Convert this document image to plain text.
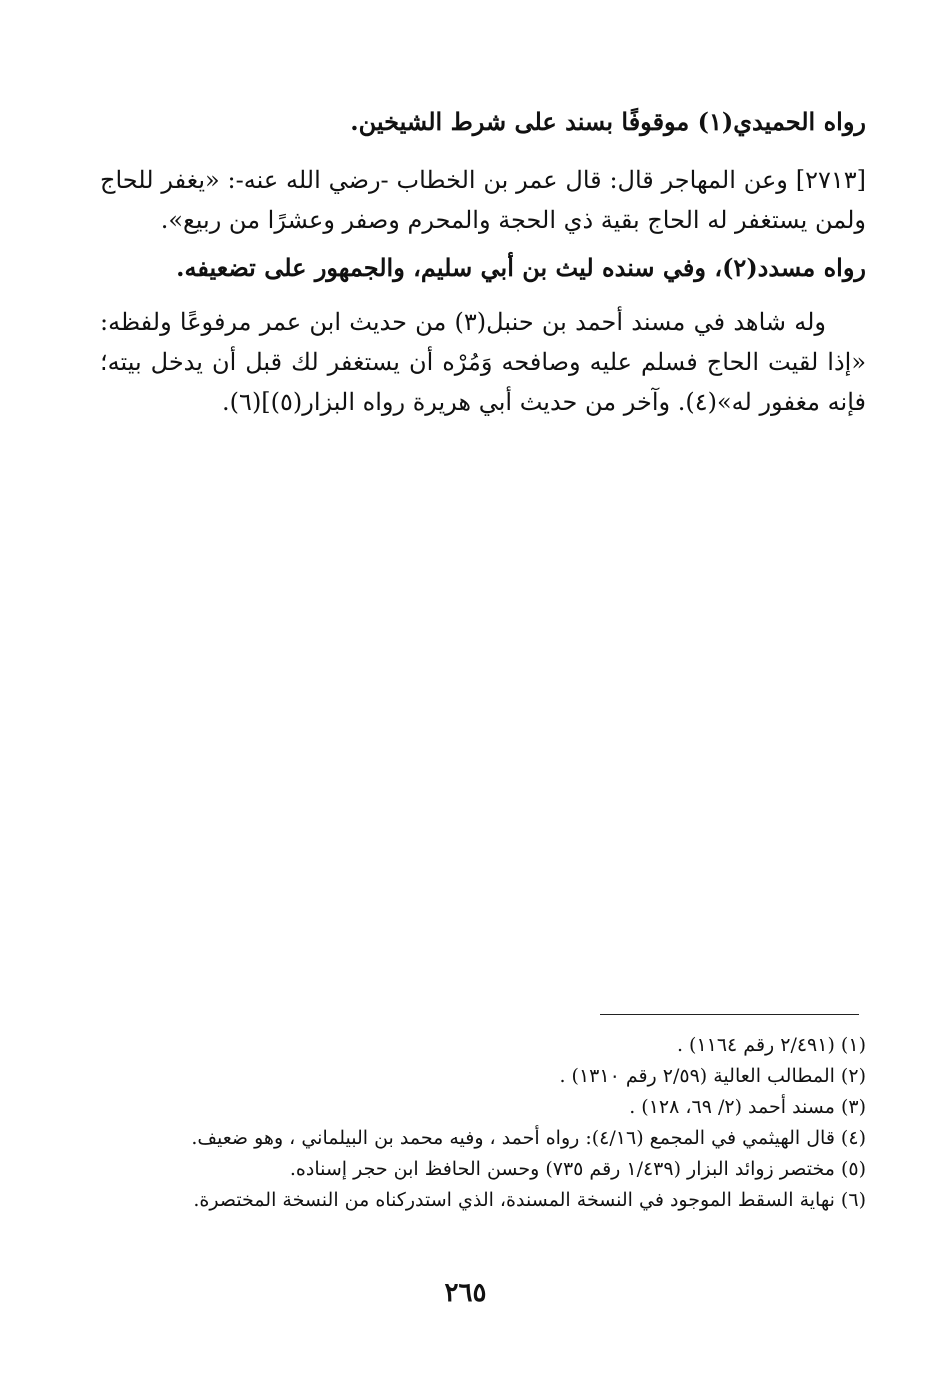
رواه الحميدي(١) موقوفًا بسند على شرط الشيخين.

[٢٧١٣] وعن المهاجر قال: قال عمر بن الخطاب -رضي الله عنه-: «يغفر للحاج ولمن يستغفر له الحاج بقية ذي الحجة والمحرم وصفر وعشرًا من ربيع».

رواه مسدد(٢)، وفي سنده ليث بن أبي سليم، والجمهور على تضعيفه.

وله شاهد في مسند أحمد بن حنبل(٣) من حديث ابن عمر مرفوعًا ولفظه: «إذا لقيت الحاج فسلم عليه وصافحه وَمُرْه أن يستغفر لك قبل أن يدخل بيته؛ فإنه مغفور له»(٤). وآخر من حديث أبي هريرة رواه البزار(٥)](٦).

(١) (٢/٤٩١ رقم ١١٦٤) .
(٢) المطالب العالية (٢/٥٩ رقم ١٣١٠) .
(٣) مسند أحمد (٢/ ٦٩، ١٢٨) .
(٤) قال الهيثمي في المجمع (٤/١٦): رواه أحمد ، وفيه محمد بن البيلماني ، وهو ضعيف.
(٥) مختصر زوائد البزار (١/٤٣٩ رقم ٧٣٥) وحسن الحافظ ابن حجر إسناده.
(٦) نهاية السقط الموجود في النسخة المسندة، الذي استدركناه من النسخة المختصرة.
٢٦٥
